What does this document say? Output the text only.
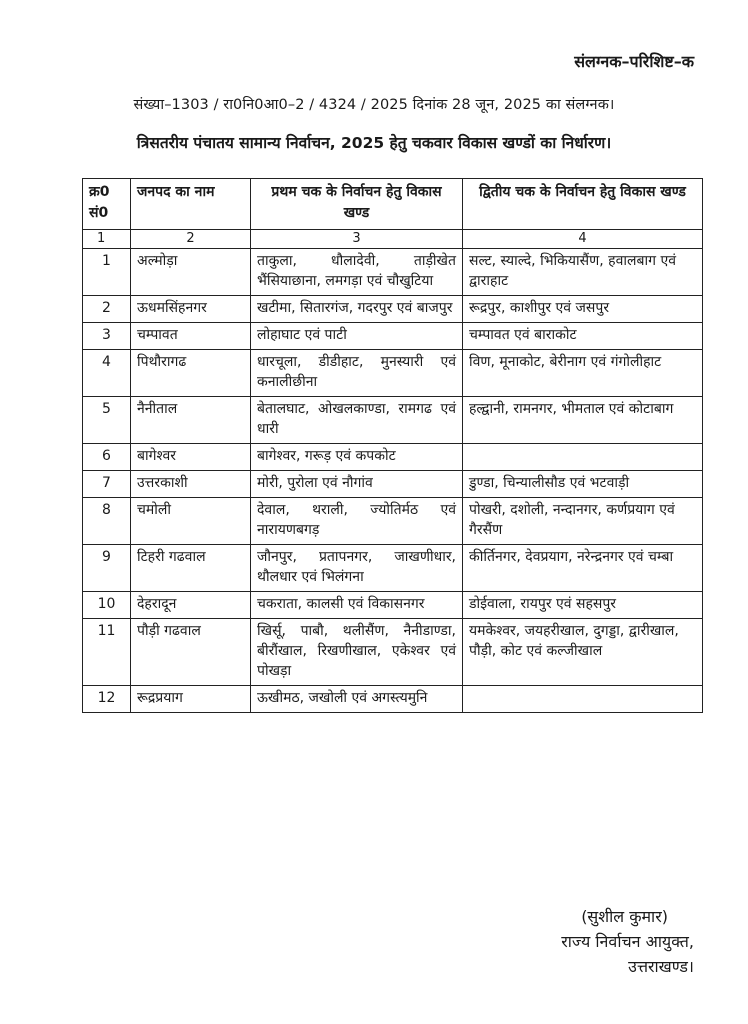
संलग्नक–परिशिष्ट–क
संख्या–1303 / रा0नि0आ0–2 / 4324 / 2025 दिनांक 28 जून, 2025 का संलग्नक।
त्रिसतरीय पंचातय सामान्य निर्वाचन, 2025 हेतु चकवार विकास खण्डों का निर्धारण।
क्र0 सं0	जनपद का नाम	प्रथम चक के निर्वाचन हेतु विकास खण्ड	द्वितीय चक के निर्वाचन हेतु विकास खण्ड
1	2	3	4
1	अल्मोड़ा	ताकुला, धौलादेवी, ताड़ीखेत भैंसियाछाना, लमगड़ा एवं चौखुटिया	सल्ट, स्याल्दे, भिकियासैंण, हवालबाग एवं द्वाराहाट
2	ऊधमसिंहनगर	खटीमा, सितारगंज, गदरपुर एवं बाजपुर	रूद्रपुर, काशीपुर एवं जसपुर
3	चम्पावत	लोहाघाट एवं पाटी	चम्पावत एवं बाराकोट
4	पिथौरागढ	धारचूला, डीडीहाट, मुनस्यारी एवं कनालीछीना	विण, मूनाकोट, बेरीनाग एवं गंगोलीहाट
5	नैनीताल	बेतालघाट, ओखलकाण्डा, रामगढ एवं धारी	हल्द्वानी, रामनगर, भीमताल एवं कोटाबाग
6	बागेश्वर	बागेश्वर, गरूड़ एवं कपकोट	
7	उत्तरकाशी	मोरी, पुरोला एवं नौगांव	डुण्डा, चिन्यालीसौड एवं भटवाड़ी
8	चमोली	देवाल, थराली, ज्योतिर्मठ एवं नारायणबगड़	पोखरी, दशोली, नन्दानगर, कर्णप्रयाग एवं गैरसैंण
9	टिहरी गढवाल	जौनपुर, प्रतापनगर, जाखणीधार, थौलधार एवं भिलंगना	कीर्तिनगर, देवप्रयाग, नरेन्द्रनगर एवं चम्बा
10	देहरादून	चकराता, कालसी एवं विकासनगर	डोईवाला, रायपुर एवं सहसपुर
11	पौड़ी गढवाल	खिर्सू, पाबौ, थलीसैंण, नैनीडाण्डा, बीरौंखाल, रिखणीखाल, एकेश्वर एवं पोखड़ा	यमकेश्वर, जयहरीखाल, दुगड्डा, द्वारीखाल, पौड़ी, कोट एवं कल्जीखाल
12	रूद्रप्रयाग	ऊखीमठ, जखोली एवं अगस्त्यमुनि	
(सुशील कुमार)
राज्य निर्वाचन आयुक्त,
उत्तराखण्ड।
